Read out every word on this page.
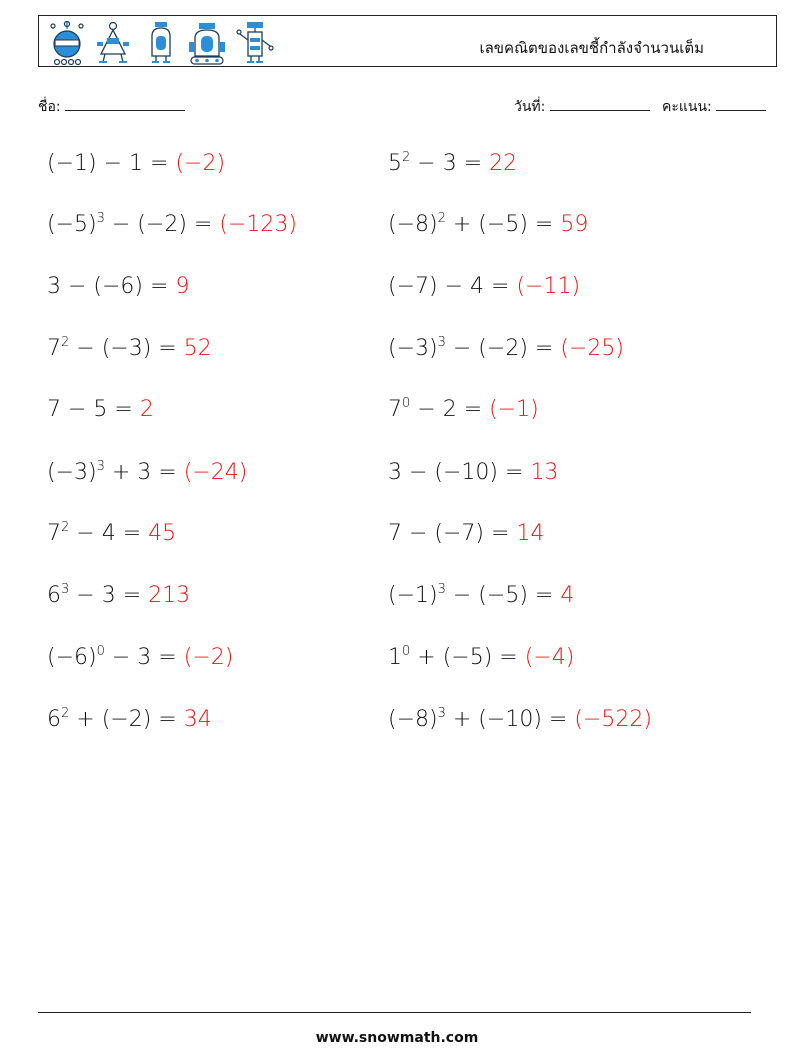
เลขคณิตของเลขชี้กำลังจำนวนเต็ม
ชื่อ:	วันที่:	คะแนน:
(−1) − 1 = (−2)	$5^2 - 3 = 22$
$(-5)^3 - (-2) = (-123)$	$(-8)^2 + (-5) = 59$
3 − (−6) = 9	(−7) − 4 = (−11)
$7^2 - (-3) = 52$	$(-3)^3 - (-2) = (-25)$
7 − 5 = 2	$7^0 - 2 = (-1)$
$(-3)^3 + 3 = (-24)$	3 − (−10) = 13
$7^2 - 4 = 45$	7 − (−7) = 14
$6^3 - 3 = 213$	$(-1)^3 - (-5) = 4$
$(-6)^0 - 3 = (-2)$	$1^0 + (-5) = (-4)$
$6^2 + (-2) = 34$	$(-8)^3 + (-10) = (-522)$
www.snowmath.com
